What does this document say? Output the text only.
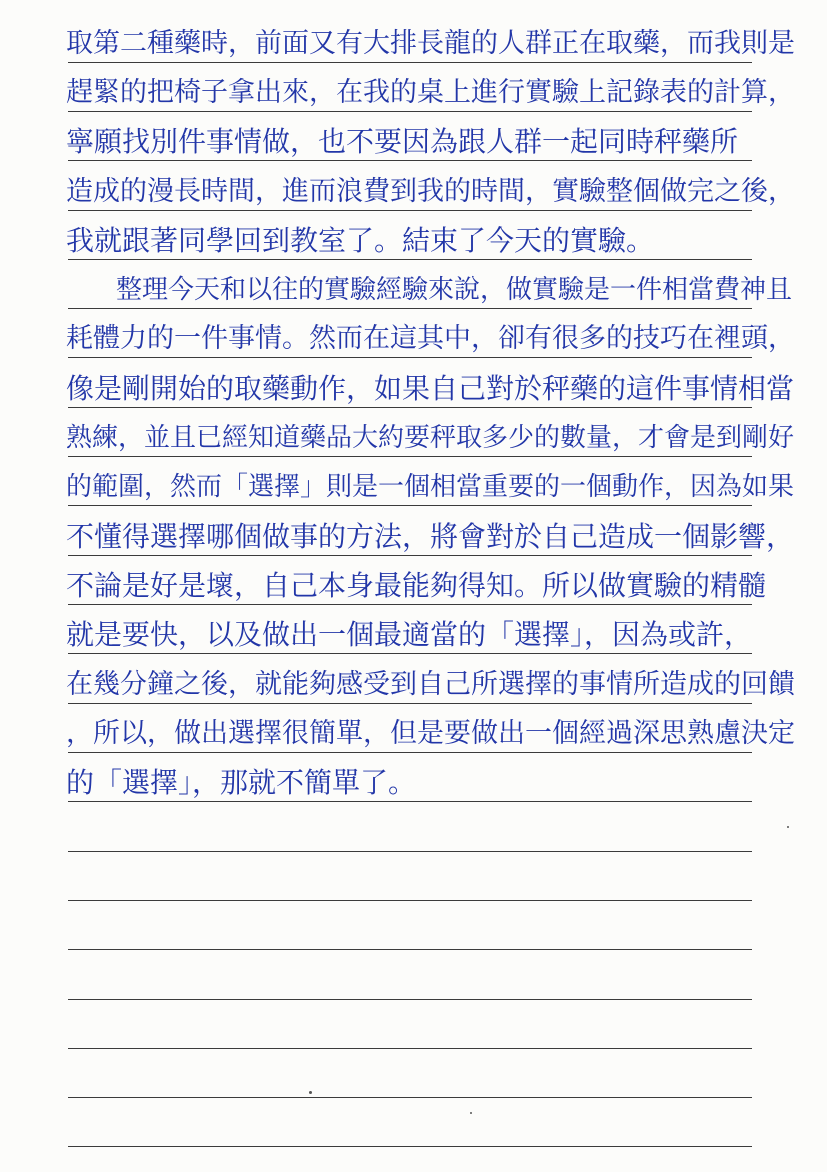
取第二種藥時，前面又有大排長龍的人群正在取藥，而我則是
趕緊的把椅子拿出來，在我的桌上進行實驗上記錄表的計算，
寧願找別件事情做，也不要因為跟人群一起同時秤藥所
造成的漫長時間，進而浪費到我的時間，實驗整個做完之後，
我就跟著同學回到教室了。結束了今天的實驗。
整理今天和以往的實驗經驗來說，做實驗是一件相當費神且
耗體力的一件事情。然而在這其中，卻有很多的技巧在裡頭，
像是剛開始的取藥動作，如果自己對於秤藥的這件事情相當
熟練，並且已經知道藥品大約要秤取多少的數量，才會是到剛好
的範圍，然而「選擇」則是一個相當重要的一個動作，因為如果
不懂得選擇哪個做事的方法，將會對於自己造成一個影響，
不論是好是壞，自己本身最能夠得知。所以做實驗的精髓
就是要快，以及做出一個最適當的「選擇」，因為或許，
在幾分鐘之後，就能夠感受到自己所選擇的事情所造成的回饋
，所以，做出選擇很簡單，但是要做出一個經過深思熟慮決定
的「選擇」，那就不簡單了。
